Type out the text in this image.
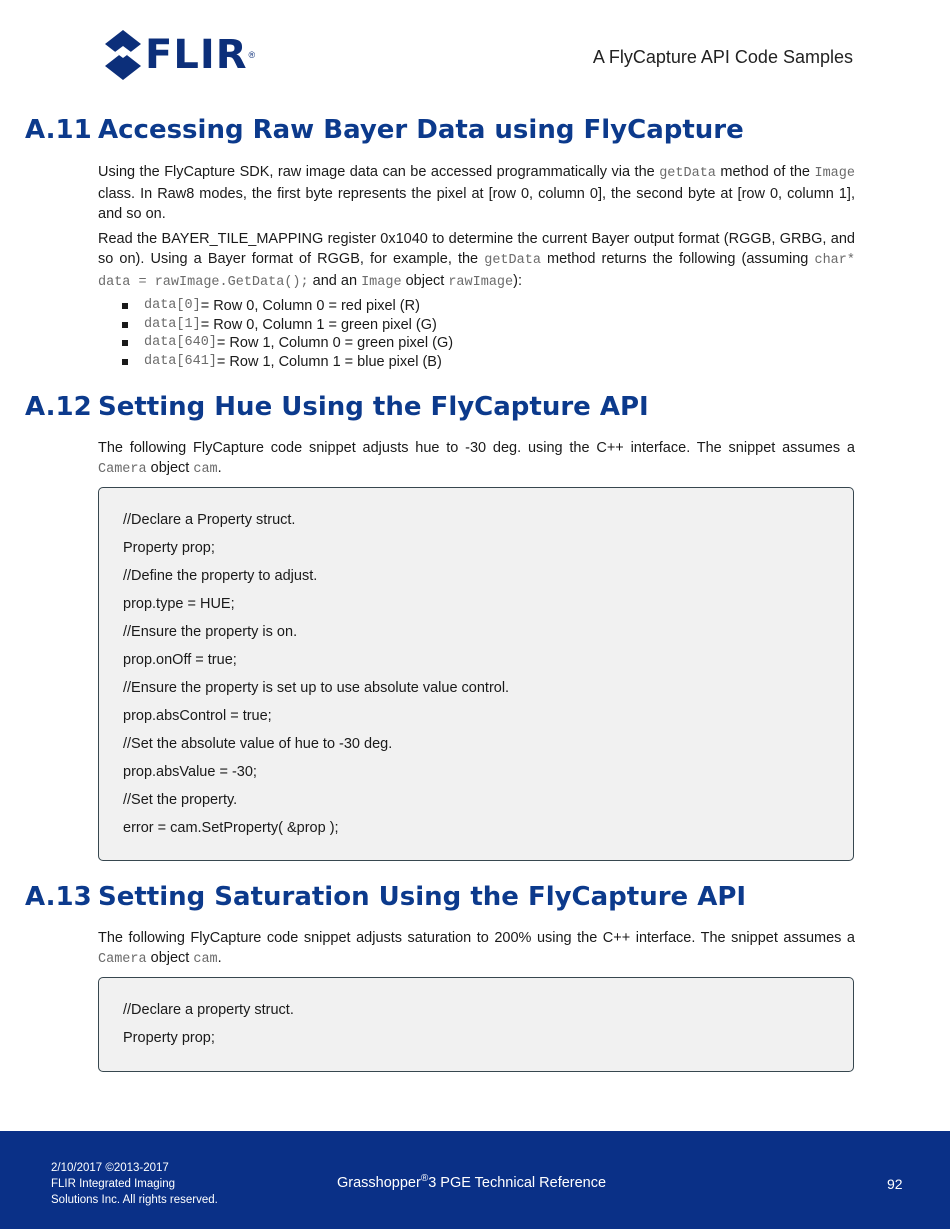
FLIR ®	A FlyCapture API Code Samples
A.11 Accessing Raw Bayer Data using FlyCapture
Using the FlyCapture SDK, raw image data can be accessed programmatically via the getData method of the Image class. In Raw8 modes, the first byte represents the pixel at [row 0, column 0], the second byte at [row 0, column 1], and so on.
Read the BAYER_TILE_MAPPING register 0x1040 to determine the current Bayer output format (RGGB, GRBG, and so on). Using a Bayer format of RGGB, for example, the getData method returns the following (assuming char* data = rawImage.GetData(); and an Image object rawImage):
data[0] = Row 0, Column 0 = red pixel (R)
data[1] = Row 0, Column 1 = green pixel (G)
data[640] = Row 1, Column 0 = green pixel (G)
data[641] = Row 1, Column 1 = blue pixel (B)
A.12 Setting Hue Using the FlyCapture API
The following FlyCapture code snippet adjusts hue to -30 deg. using the C++ interface. The snippet assumes a Camera object cam.
//Declare a Property struct.
Property prop;
//Define the property to adjust.
prop.type = HUE;
//Ensure the property is on.
prop.onOff = true;
//Ensure the property is set up to use absolute value control.
prop.absControl = true;
//Set the absolute value of hue to -30 deg.
prop.absValue = -30;
//Set the property.
error = cam.SetProperty( &prop );
A.13 Setting Saturation Using the FlyCapture API
The following FlyCapture code snippet adjusts saturation to 200% using the C++ interface. The snippet assumes a Camera object cam.
//Declare a property struct.
Property prop;
2/10/2017 ©2013-2017
FLIR Integrated Imaging
Solutions Inc. All rights reserved.
Grasshopper®3 PGE Technical Reference	92
